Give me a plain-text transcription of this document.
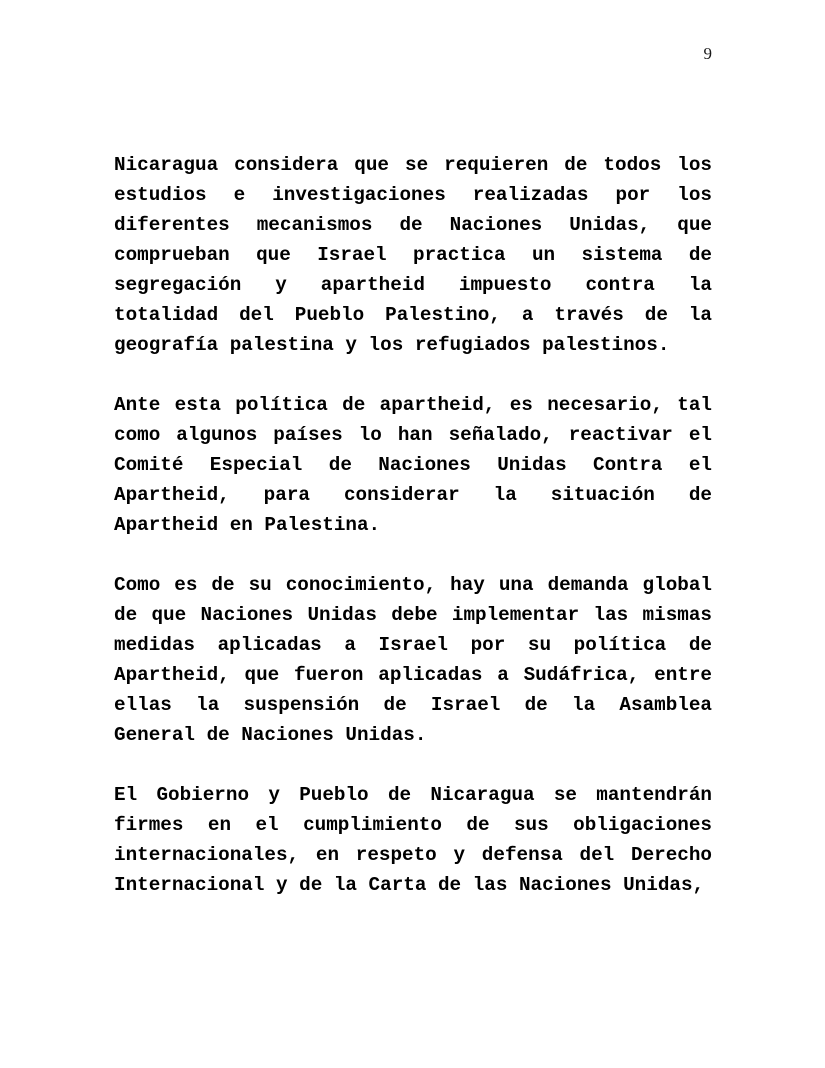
9

Nicaragua considera que se requieren de todos los estudios e investigaciones realizadas por los diferentes mecanismos de Naciones Unidas, que comprueban que Israel practica un sistema de segregación y apartheid impuesto contra la totalidad del Pueblo Palestino, a través de la geografía palestina y los refugiados palestinos.

Ante esta política de apartheid, es necesario, tal como algunos países lo han señalado, reactivar el Comité Especial de Naciones Unidas Contra el Apartheid, para considerar la situación de Apartheid en Palestina.

Como es de su conocimiento, hay una demanda global de que Naciones Unidas debe implementar las mismas medidas aplicadas a Israel por su política de Apartheid, que fueron aplicadas a Sudáfrica, entre ellas la suspensión de Israel de la Asamblea General de Naciones Unidas.

El Gobierno y Pueblo de Nicaragua se mantendrán firmes en el cumplimiento de sus obligaciones internacionales, en respeto y defensa del Derecho Internacional y de la Carta de las Naciones Unidas,
